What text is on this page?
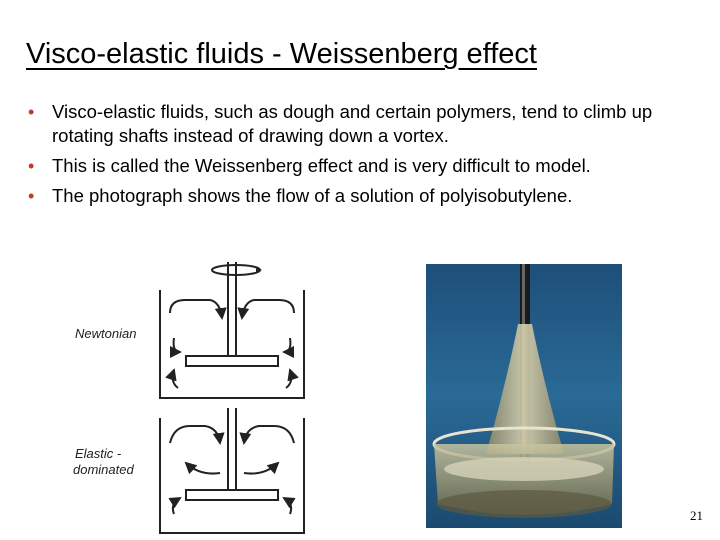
Visco-elastic fluids - Weissenberg effect
• Visco-elastic fluids, such as dough and certain polymers, tend to climb up rotating shafts instead of drawing down a vortex.
• This is called the Weissenberg effect and is very difficult to model.
• The photograph shows the flow of a solution of polyisobutylene.
Newtonian
Elastic -
dominated
21
